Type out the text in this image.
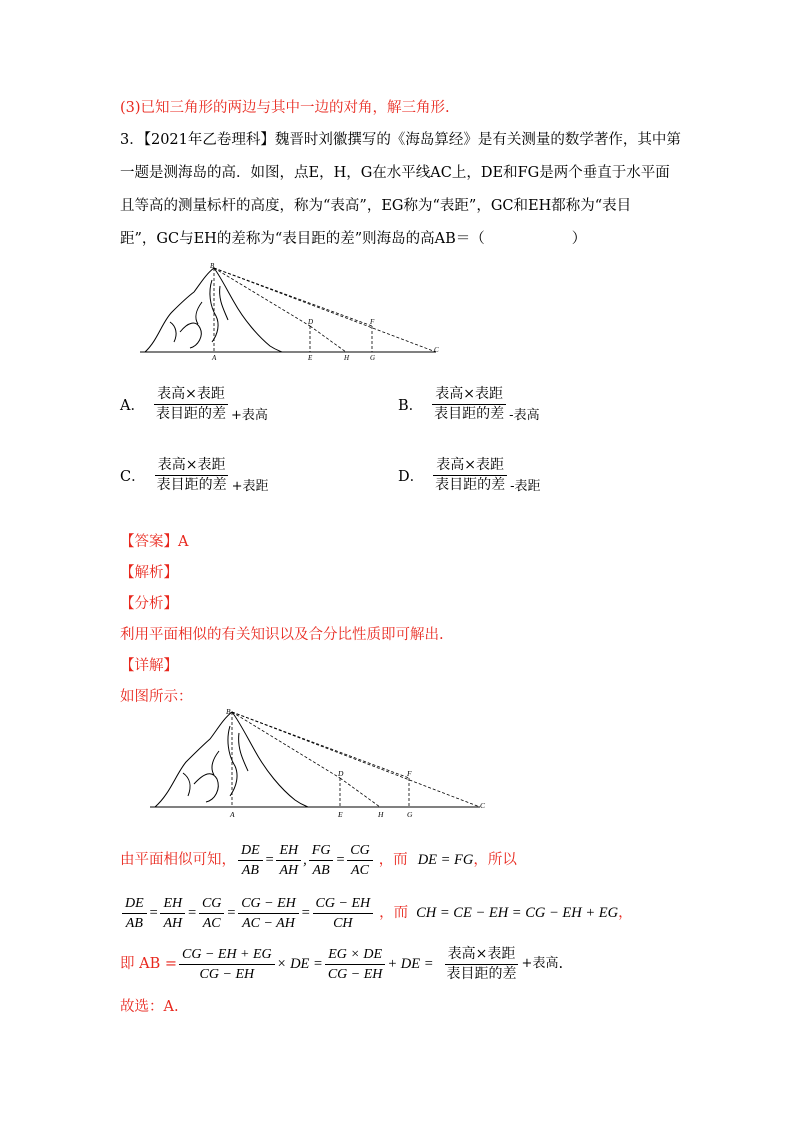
(3)已知三角形的两边与其中一边的对角，解三角形.
3．【2021年乙卷理科】魏晋时刘徽撰写的《海岛算经》是有关测量的数学著作，其中第
一题是测海岛的高．如图，点E，H，G在水平线AC上，DE和FG是两个垂直于水平面
且等高的测量标杆的高度，称为“表高”，EG称为“表距”，GC和EH都称为“表目
距”，GC与EH的差称为“表目距的差”则海岛的高AB＝（　　　　　　）
B
D	F
A	E	H	G
C
A． $\frac{\text{表高×表距}}{\text{表目距的差}}$ +表高
B． $\frac{\text{表高×表距}}{\text{表目距的差}}$ -表高
C． $\frac{\text{表高×表距}}{\text{表目距的差}}$ +表距
D． $\frac{\text{表高×表距}}{\text{表目距的差}}$ -表距
【答案】A
【解析】
【分析】
利用平面相似的有关知识以及合分比性质即可解出.
【详解】
如图所示：
B
D	F
A	E	H	G
C
由平面相似可知， $\frac{DE}{AB} = \frac{EH}{AH}$ , $\frac{FG}{AB} = \frac{CG}{AC}$ ，而 DE = FG ，所以
$\frac{DE}{AB} = \frac{EH}{AH} = \frac{CG}{AC} = \frac{CG - EH}{AC - AH} = \frac{CG - EH}{CH}$ ，而 CH = CE − EH = CG − EH + EG ，
即 AB = $\frac{CG - EH + EG}{CG - EH}$ × DE = $\frac{EG \times DE}{CG - EH}$ + DE = $\frac{\text{表高×表距}}{\text{表目距的差}}$ +表高 .
故选：A.
